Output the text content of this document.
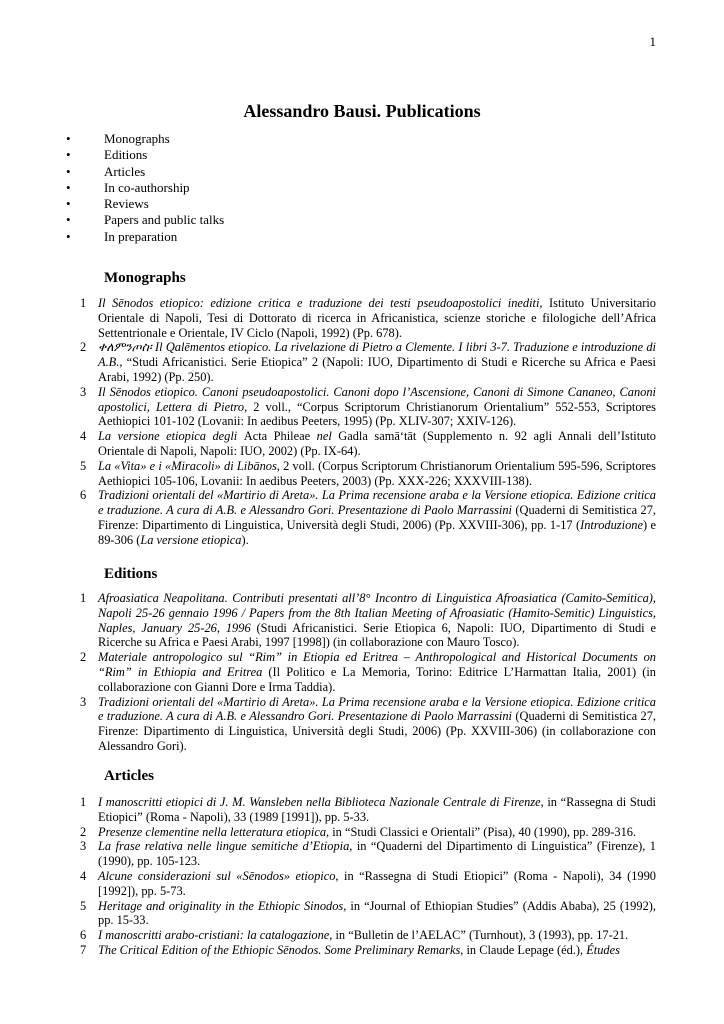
1
Alessandro Bausi. Publications
•	Monographs
•	Editions
•	Articles
•	In co-authorship
•	Reviews
•	Papers and public talks
•	In preparation
Monographs
1 Il Sēnodos etiopico: edizione critica e traduzione dei testi pseudoapostolici inediti, Istituto Universitario Orientale di Napoli, Tesi di Dottorato di ricerca in Africanistica, scienze storiche e filologiche dell’Africa Settentrionale e Orientale, IV Ciclo (Napoli, 1992) (Pp. 678).
2 ቀለምንጦስ፡ Il Qalēmentos etiopico. La rivelazione di Pietro a Clemente. I libri 3-7. Traduzione e introduzione di A.B., “Studi Africanistici. Serie Etiopica” 2 (Napoli: IUO, Dipartimento di Studi e Ricerche su Africa e Paesi Arabi, 1992) (Pp. 250).
3 Il Sēnodos etiopico. Canoni pseudoapostolici. Canoni dopo l’Ascensione, Canoni di Simone Cananeo, Canoni apostolici, Lettera di Pietro, 2 voll., “Corpus Scriptorum Christianorum Orientalium” 552-553, Scriptores Aethiopici 101-102 (Lovanii: In aedibus Peeters, 1995) (Pp. XLIV-307; XXIV-126).
4 La versione etiopica degli Acta Phileae nel Gadla samā‘tāt (Supplemento n. 92 agli Annali dell’Istituto Orientale di Napoli, Napoli: IUO, 2002) (Pp. IX-64).
5 La «Vita» e i «Miracoli» di Libānos, 2 voll. (Corpus Scriptorum Christianorum Orientalium 595-596, Scriptores Aethiopici 105-106, Lovanii: In aedibus Peeters, 2003) (Pp. XXX-226; XXXVIII-138).
6 Tradizioni orientali del «Martirio di Areta». La Prima recensione araba e la Versione etiopica. Edizione critica e traduzione. A cura di A.B. e Alessandro Gori. Presentazione di Paolo Marrassini (Quaderni di Semitistica 27, Firenze: Dipartimento di Linguistica, Università degli Studi, 2006) (Pp. XXVIII-306), pp. 1-17 (Introduzione) e 89-306 (La versione etiopica).
Editions
1 Afroasiatica Neapolitana. Contributi presentati all’8° Incontro di Linguistica Afroasiatica (Camito-Semitica), Napoli 25-26 gennaio 1996 / Papers from the 8th Italian Meeting of Afroasiatic (Hamito-Semitic) Linguistics, Naples, January 25-26, 1996 (Studi Africanistici. Serie Etiopica 6, Napoli: IUO, Dipartimento di Studi e Ricerche su Africa e Paesi Arabi, 1997 [1998]) (in collaborazione con Mauro Tosco).
2 Materiale antropologico sul “Rim” in Etiopia ed Eritrea – Anthropological and Historical Documents on “Rim” in Ethiopia and Eritrea (Il Politico e La Memoria, Torino: Editrice L’Harmattan Italia, 2001) (in collaborazione con Gianni Dore e Irma Taddia).
3 Tradizioni orientali del «Martirio di Areta». La Prima recensione araba e la Versione etiopica. Edizione critica e traduzione. A cura di A.B. e Alessandro Gori. Presentazione di Paolo Marrassini (Quaderni di Semitistica 27, Firenze: Dipartimento di Linguistica, Università degli Studi, 2006) (Pp. XXVIII-306) (in collaborazione con Alessandro Gori).
Articles
1 I manoscritti etiopici di J. M. Wansleben nella Biblioteca Nazionale Centrale di Firenze, in “Rassegna di Studi Etiopici” (Roma - Napoli), 33 (1989 [1991]), pp. 5-33.
2 Presenze clementine nella letteratura etiopica, in “Studi Classici e Orientali” (Pisa), 40 (1990), pp. 289-316.
3 La frase relativa nelle lingue semitiche d’Etiopia, in “Quaderni del Dipartimento di Linguistica” (Firenze), 1 (1990), pp. 105-123.
4 Alcune considerazioni sul «Sēnodos» etiopico, in “Rassegna di Studi Etiopici” (Roma - Napoli), 34 (1990 [1992]), pp. 5-73.
5 Heritage and originality in the Ethiopic Sinodos, in “Journal of Ethiopian Studies” (Addis Ababa), 25 (1992), pp. 15-33.
6 I manoscritti arabo-cristiani: la catalogazione, in “Bulletin de l’AELAC” (Turnhout), 3 (1993), pp. 17-21.
7 The Critical Edition of the Ethiopic Sēnodos. Some Preliminary Remarks, in Claude Lepage (éd.), Études
